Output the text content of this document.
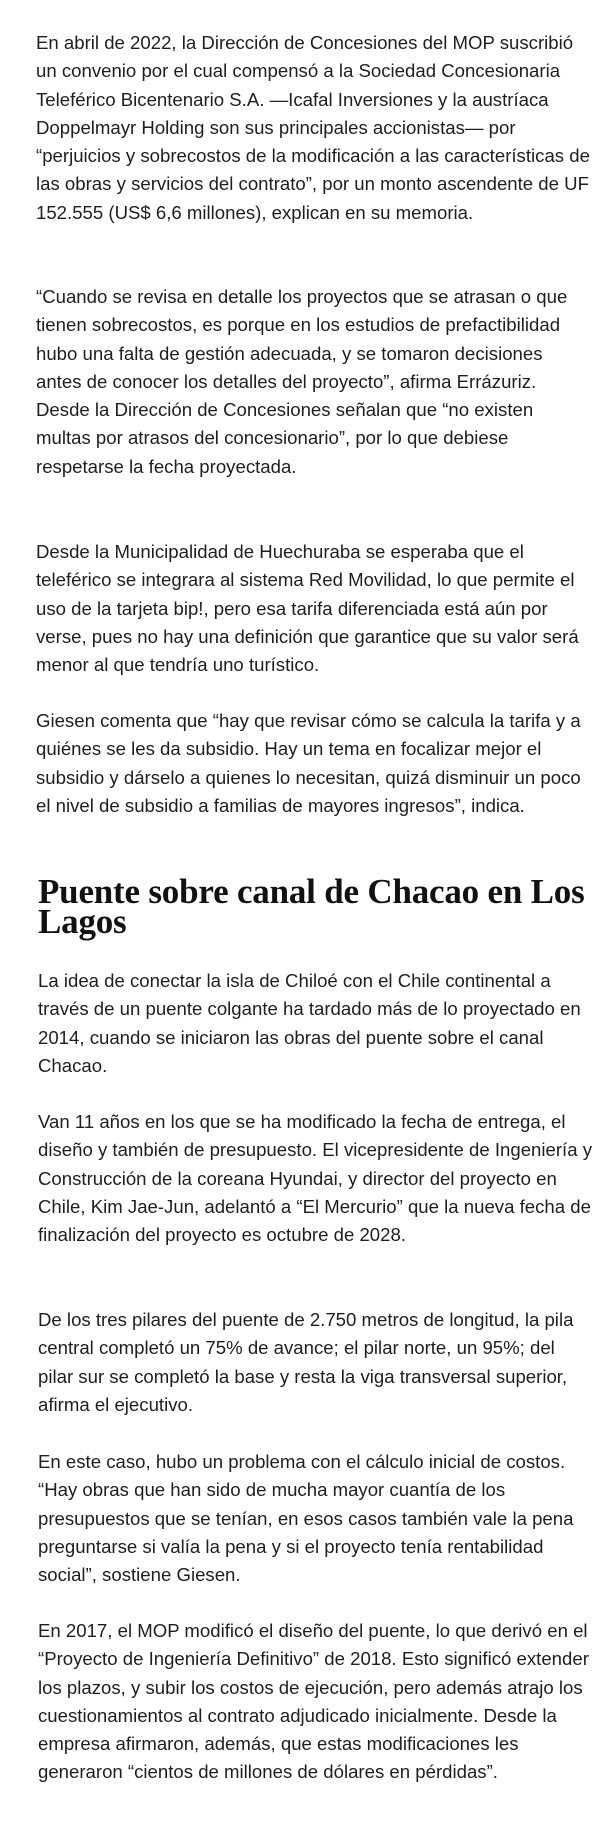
En abril de 2022, la Dirección de Concesiones del MOP suscribió un convenio por el cual compensó a la Sociedad Concesionaria Teleférico Bicentenario S.A. —Icafal Inversiones y la austríaca Doppelmayr Holding son sus principales accionistas— por “perjuicios y sobrecostos de la modificación a las características de las obras y servicios del contrato”, por un monto ascendente de UF 152.555 (US$ 6,6 millones), explican en su memoria.

“Cuando se revisa en detalle los proyectos que se atrasan o que tienen sobrecostos, es porque en los estudios de prefactibilidad hubo una falta de gestión adecuada, y se tomaron decisiones antes de conocer los detalles del proyecto”, afirma Errázuriz. Desde la Dirección de Concesiones señalan que “no existen multas por atrasos del concesionario”, por lo que debiese respetarse la fecha proyectada.

Desde la Municipalidad de Huechuraba se esperaba que el teleférico se integrara al sistema Red Movilidad, lo que permite el uso de la tarjeta bip!, pero esa tarifa diferenciada está aún por verse, pues no hay una definición que garantice que su valor será menor al que tendría uno turístico.

Giesen comenta que “hay que revisar cómo se calcula la tarifa y a quiénes se les da subsidio. Hay un tema en focalizar mejor el subsidio y dárselo a quienes lo necesitan, quizá disminuir un poco el nivel de subsidio a familias de mayores ingresos”, indica.

Puente sobre canal de Chacao en Los Lagos

La idea de conectar la isla de Chiloé con el Chile continental a través de un puente colgante ha tardado más de lo proyectado en 2014, cuando se iniciaron las obras del puente sobre el canal Chacao.

Van 11 años en los que se ha modificado la fecha de entrega, el diseño y también de presupuesto. El vicepresidente de Ingeniería y Construcción de la coreana Hyundai, y director del proyecto en Chile, Kim Jae-Jun, adelantó a “El Mercurio” que la nueva fecha de finalización del proyecto es octubre de 2028.

De los tres pilares del puente de 2.750 metros de longitud, la pila central completó un 75% de avance; el pilar norte, un 95%; del pilar sur se completó la base y resta la viga transversal superior, afirma el ejecutivo.

En este caso, hubo un problema con el cálculo inicial de costos. “Hay obras que han sido de mucha mayor cuantía de los presupuestos que se tenían, en esos casos también vale la pena preguntarse si valía la pena y si el proyecto tenía rentabilidad social”, sostiene Giesen.

En 2017, el MOP modificó el diseño del puente, lo que derivó en el “Proyecto de Ingeniería Definitivo” de 2018. Esto significó extender los plazos, y subir los costos de ejecución, pero además atrajo los cuestionamientos al contrato adjudicado inicialmente. Desde la empresa afirmaron, además, que estas modificaciones les generaron “cientos de millones de dólares en pérdidas”.
